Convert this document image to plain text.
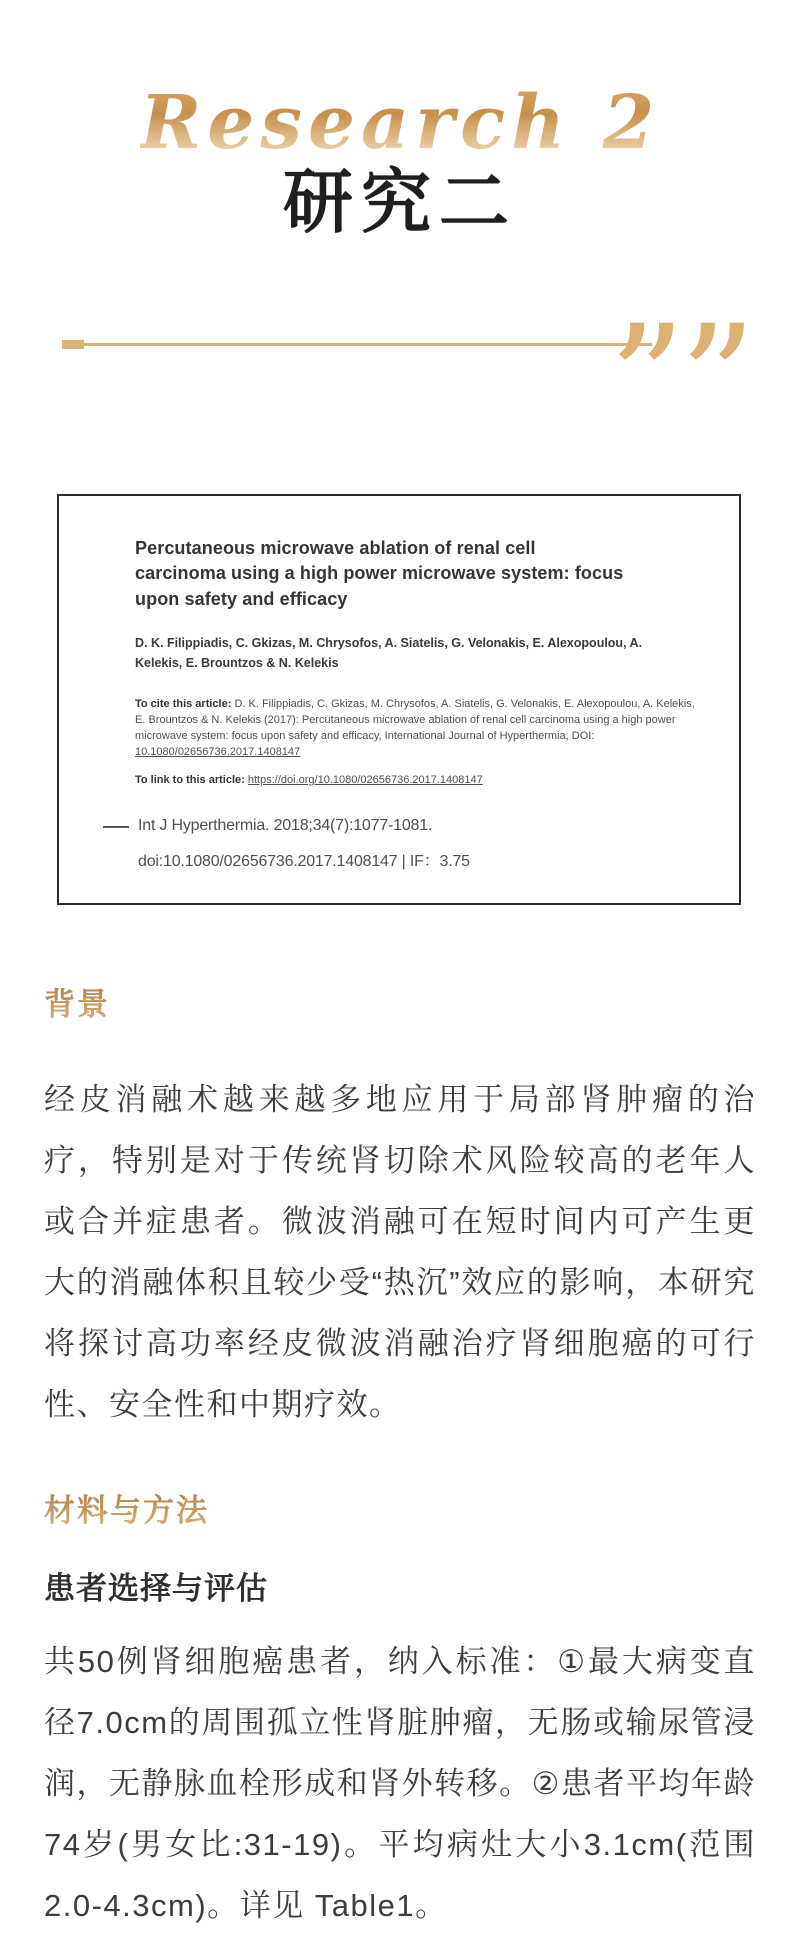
Research 2
研究二
””
Percutaneous microwave ablation of renal cell carcinoma using a high power microwave system: focus upon safety and efficacy
D. K. Filippiadis, C. Gkizas, M. Chrysofos, A. Siatelis, G. Velonakis, E. Alexopoulou, A. Kelekis, E. Brountzos & N. Kelekis
To cite this article: D. K. Filippiadis, C. Gkizas, M. Chrysofos, A. Siatelis, G. Velonakis, E. Alexopoulou, A. Kelekis, E. Brountzos & N. Kelekis (2017): Percutaneous microwave ablation of renal cell carcinoma using a high power microwave system: focus upon safety and efficacy, International Journal of Hyperthermia, DOI: 10.1080/02656736.2017.1408147
To link to this article: https://doi.org/10.1080/02656736.2017.1408147
Int J Hyperthermia. 2018;34(7):1077-1081.
doi:10.1080/02656736.2017.1408147 | IF：3.75
背景
经皮消融术越来越多地应用于局部肾肿瘤的治疗，特别是对于传统肾切除术风险较高的老年人或合并症患者。微波消融可在短时间内可产生更大的消融体积且较少受“热沉”效应的影响，本研究将探讨高功率经皮微波消融治疗肾细胞癌的可行性、安全性和中期疗效。
材料与方法
患者选择与评估
共50例肾细胞癌患者，纳入标准：①最大病变直径7.0cm的周围孤立性肾脏肿瘤，无肠或输尿管浸润，无静脉血栓形成和肾外转移。②患者平均年龄74岁(男女比:31-19)。平均病灶大小3.1cm(范围2.0-4.3cm)。详见 Table1。
